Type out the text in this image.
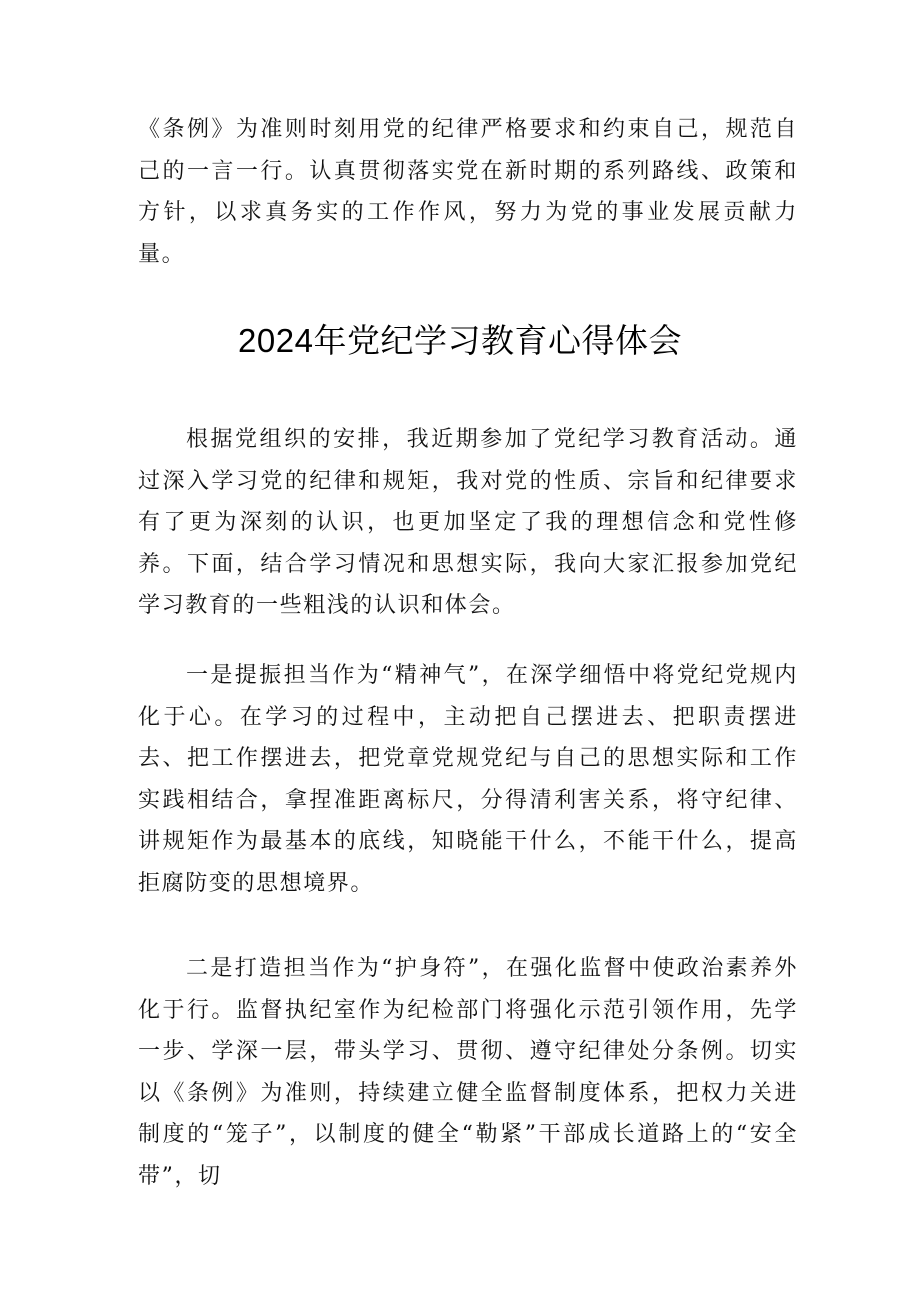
《条例》为准则时刻用党的纪律严格要求和约束自己，规范自己的一言一行。认真贯彻落实党在新时期的系列路线、政策和方针，以求真务实的工作作风，努力为党的事业发展贡献力量。

2024年党纪学习教育心得体会

根据党组织的安排，我近期参加了党纪学习教育活动。通过深入学习党的纪律和规矩，我对党的性质、宗旨和纪律要求有了更为深刻的认识，也更加坚定了我的理想信念和党性修养。下面，结合学习情况和思想实际，我向大家汇报参加党纪学习教育的一些粗浅的认识和体会。

一是提振担当作为“精神气”，在深学细悟中将党纪党规内化于心。在学习的过程中，主动把自己摆进去、把职责摆进去、把工作摆进去，把党章党规党纪与自己的思想实际和工作实践相结合，拿捏准距离标尺，分得清利害关系，将守纪律、讲规矩作为最基本的底线，知晓能干什么，不能干什么，提高拒腐防变的思想境界。

二是打造担当作为“护身符”，在强化监督中使政治素养外化于行。监督执纪室作为纪检部门将强化示范引领作用，先学一步、学深一层，带头学习、贯彻、遵守纪律处分条例。切实以《条例》为准则，持续建立健全监督制度体系，把权力关进制度的“笼子”，以制度的健全“勒紧”干部成长道路上的“安全带”，切
